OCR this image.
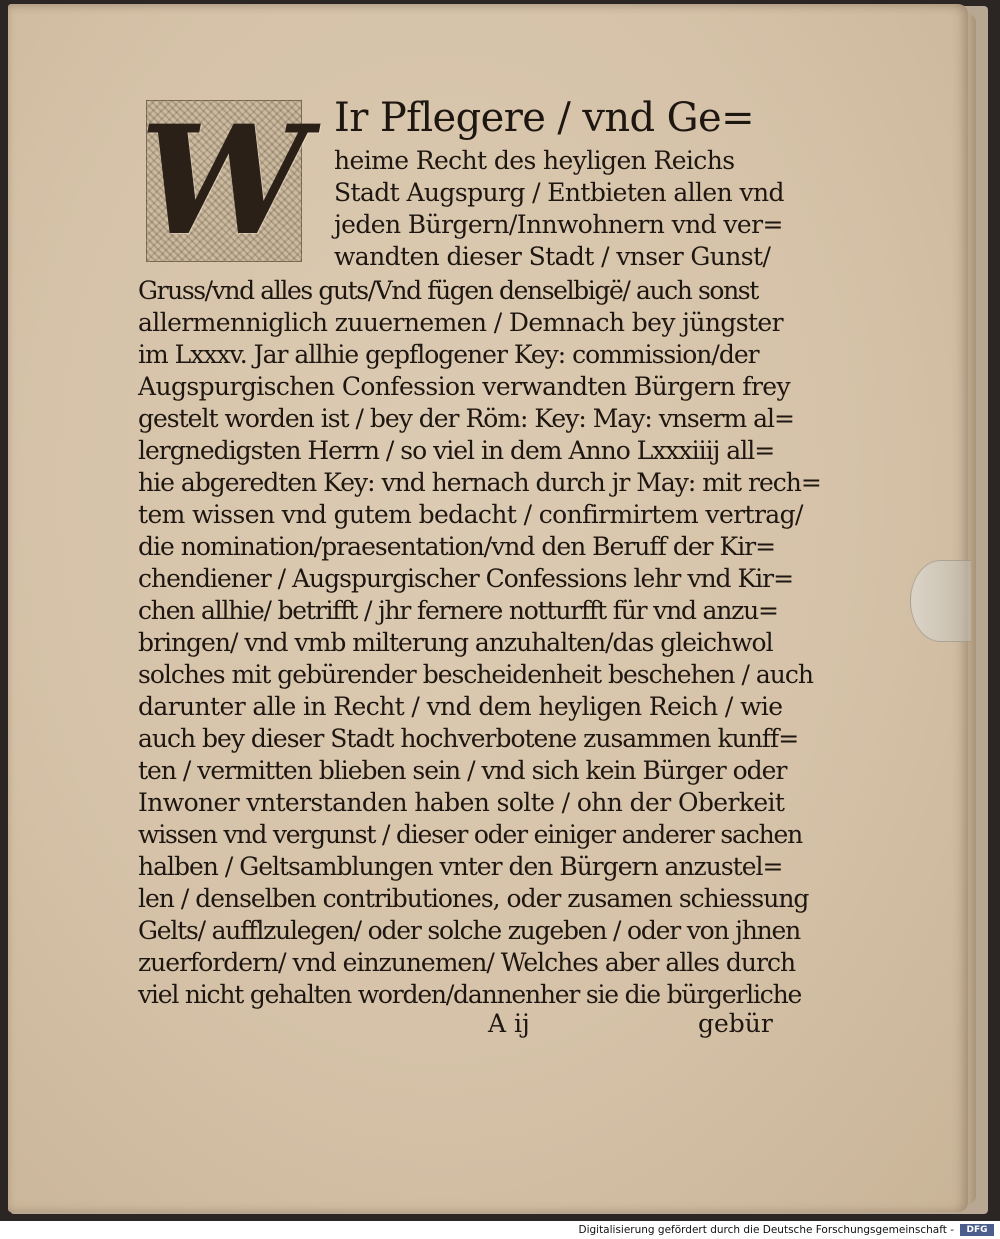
W Ir Pflegere / vnd Ge=
heime Recht des heyligen Reichs
Stadt Augspurg / Entbieten allen vnd
jeden Bürgern/Innwohnern vnd ver=
wandten dieser Stadt / vnser Gunst/
Gruss/vnd alles guts/Vnd fügen denselbigë/ auch sonst
allermenniglich zuuernemen / Demnach bey jüngster
im Lxxxv. Jar allhie gepflogener Key: commission/der
Augspurgischen Confession verwandten Bürgern frey
gestelt worden ist / bey der Röm: Key: May: vnserm al=
lergnedigsten Herrn / so viel in dem Anno Lxxxiiij all=
hie abgeredten Key: vnd hernach durch jr May: mit rech=
tem wissen vnd gutem bedacht / confirmirtem vertrag/
die nomination/praesentation/vnd den Beruff der Kir=
chendiener / Augspurgischer Confessions lehr vnd Kir=
chen allhie/ betrifft / jhr fernere notturfft für vnd anzu=
bringen/ vnd vmb milterung anzuhalten/das gleichwol
solches mit gebürender bescheidenheit beschehen / auch
darunter alle in Recht / vnd dem heyligen Reich / wie
auch bey dieser Stadt hochverbotene zusammen kunff=
ten / vermitten blieben sein / vnd sich kein Bürger oder
Inwoner vnterstanden haben solte / ohn der Oberkeit
wissen vnd vergunst / dieser oder einiger anderer sachen
halben / Geltsamblungen vnter den Bürgern anzustel=
len / denselben contributiones, oder zusamen schiessung
Gelts/ aufflzulegen/ oder solche zugeben / oder von jhnen
zuerfordern/ vnd einzunemen/ Welches aber alles durch
viel nicht gehalten worden/dannenher sie die bürgerliche
A ij	gebür
Digitalisierung gefördert durch die Deutsche Forschungsgemeinschaft -	DFG
